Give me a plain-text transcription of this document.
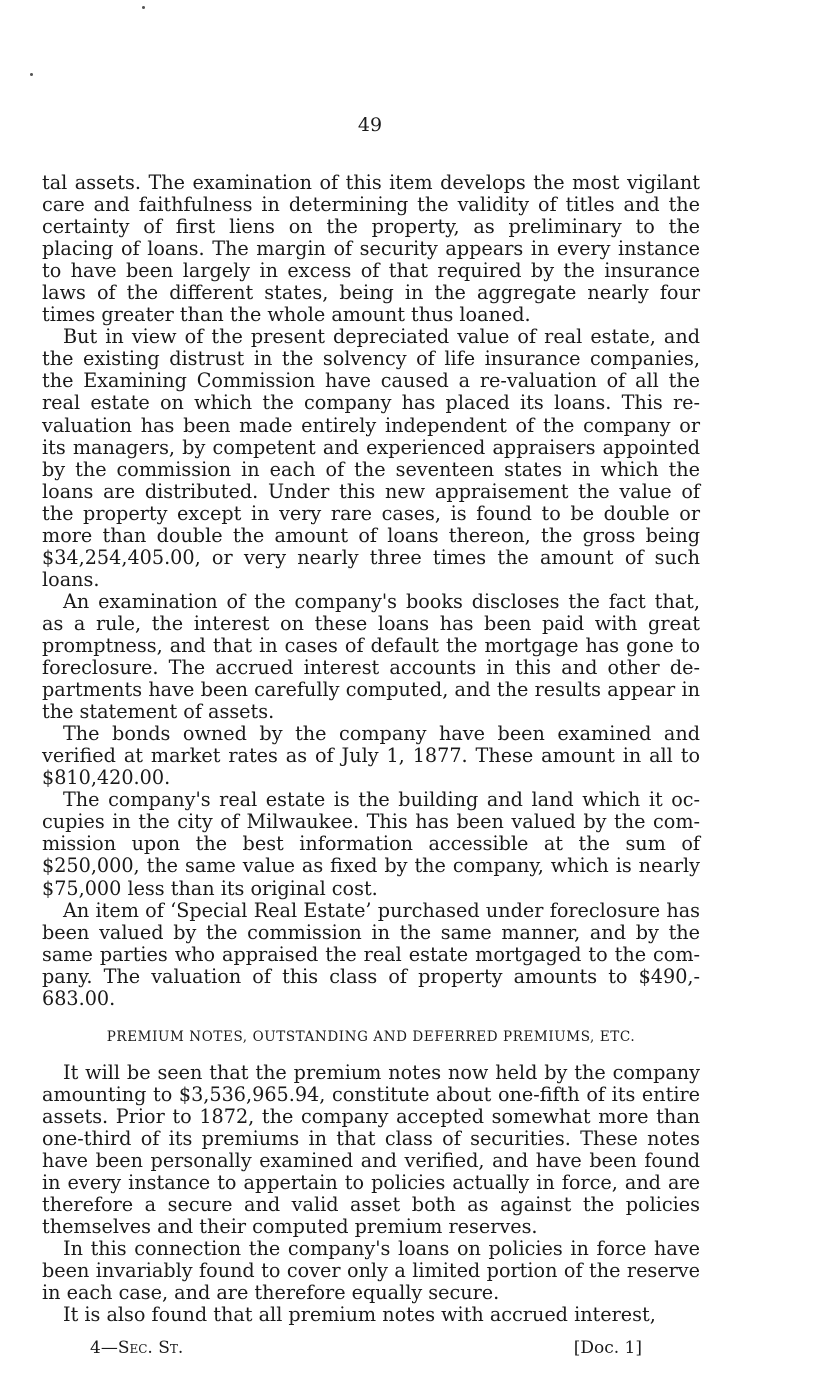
49

tal assets. The examination of this item develops the most vigilant care and faithfulness in determining the validity of titles and the certainty of first liens on the property, as preliminary to the placing of loans. The margin of security appears in every instance to have been largely in excess of that required by the insurance laws of the different states, being in the aggregate nearly four times greater than the whole amount thus loaned.

But in view of the present depreciated value of real estate, and the existing distrust in the solvency of life insurance companies, the Examining Commission have caused a re-valuation of all the real estate on which the company has placed its loans. This revaluation has been made entirely independent of the company or its managers, by competent and experienced appraisers appointed by the commission in each of the seventeen states in which the loans are distributed. Under this new appraisement the value of the property except in very rare cases, is found to be double or more than double the amount of loans thereon, the gross being $34,254,405.00, or very nearly three times the amount of such loans.

An examination of the company's books discloses the fact that, as a rule, the interest on these loans has been paid with great promptness, and that in cases of default the mortgage has gone to foreclosure. The accrued interest accounts in this and other departments have been carefully computed, and the results appear in the statement of assets.

The bonds owned by the company have been examined and verified at market rates as of July 1, 1877. These amount in all to $810,420.00.

The company's real estate is the building and land which it occupies in the city of Milwaukee. This has been valued by the commission upon the best information accessible at the sum of $250,000, the same value as fixed by the company, which is nearly $75,000 less than its original cost.

An item of ‘Special Real Estate’ purchased under foreclosure has been valued by the commission in the same manner, and by the same parties who appraised the real estate mortgaged to the company. The valuation of this class of property amounts to $490,683.00.

PREMIUM NOTES, OUTSTANDING AND DEFERRED PREMIUMS, ETC.

It will be seen that the premium notes now held by the company amounting to $3,536,965.94, constitute about one-fifth of its entire assets. Prior to 1872, the company accepted somewhat more than one-third of its premiums in that class of securities. These notes have been personally examined and verified, and have been found in every instance to appertain to policies actually in force, and are therefore a secure and valid asset both as against the policies themselves and their computed premium reserves.

In this connection the company's loans on policies in force have been invariably found to cover only a limited portion of the reserve in each case, and are therefore equally secure.

It is also found that all premium notes with accrued interest,

4—Sec. St.	[Doc. 1]
